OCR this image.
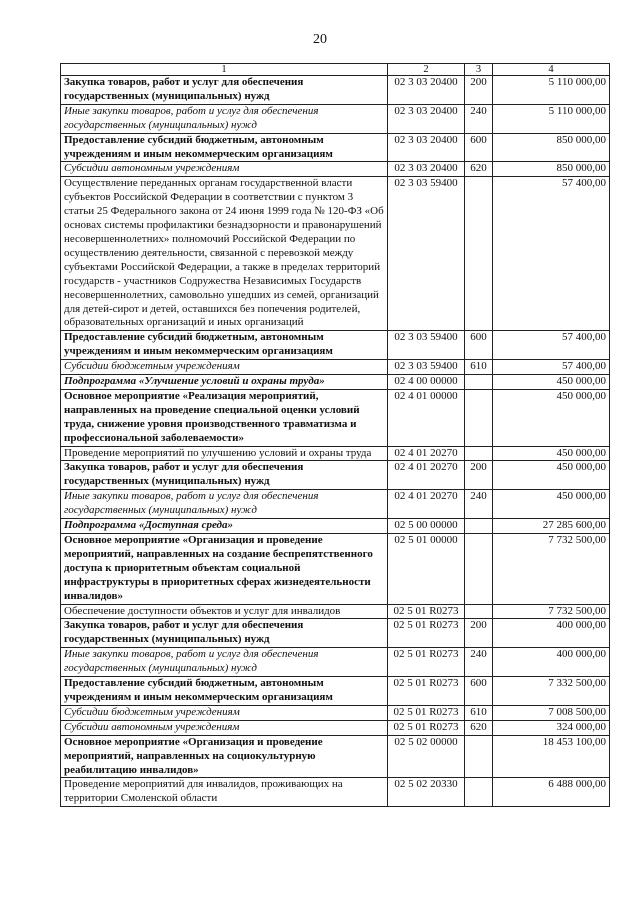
20
1	2	3	4
Закупка товаров, работ и услуг для обеспечения государственных (муниципальных) нужд	02 3 03 20400	200	5 110 000,00
Иные закупки товаров, работ и услуг для обеспечения государственных (муниципальных) нужд	02 3 03 20400	240	5 110 000,00
Предоставление субсидий бюджетным, автономным учреждениям и иным некоммерческим организациям	02 3 03 20400	600	850 000,00
Субсидии автономным учреждениям	02 3 03 20400	620	850 000,00
Осуществление переданных органам государственной власти субъектов Российской Федерации в соответствии с пунктом 3 статьи 25 Федерального закона от 24 июня 1999 года № 120-ФЗ «Об основах системы профилактики безнадзорности и правонарушений несовершеннолетних» полномочий Российской Федерации по осуществлению деятельности, связанной с перевозкой между субъектами Российской Федерации, а также в пределах территорий государств - участников Содружества Независимых Государств несовершеннолетних, самовольно ушедших из семей, организаций для детей-сирот и детей, оставшихся без попечения родителей, образовательных организаций и иных организаций	02 3 03 59400		57 400,00
Предоставление субсидий бюджетным, автономным учреждениям и иным некоммерческим организациям	02 3 03 59400	600	57 400,00
Субсидии бюджетным учреждениям	02 3 03 59400	610	57 400,00
Подпрограмма «Улучшение условий и охраны труда»	02 4 00 00000		450 000,00
Основное мероприятие «Реализация мероприятий, направленных на проведение специальной оценки условий труда, снижение уровня производственного травматизма и профессиональной заболеваемости»	02 4 01 00000		450 000,00
Проведение мероприятий по улучшению условий и охраны труда	02 4 01 20270		450 000,00
Закупка товаров, работ и услуг для обеспечения государственных (муниципальных) нужд	02 4 01 20270	200	450 000,00
Иные закупки товаров, работ и услуг для обеспечения государственных (муниципальных) нужд	02 4 01 20270	240	450 000,00
Подпрограмма «Доступная среда»	02 5 00 00000		27 285 600,00
Основное мероприятие «Организация и проведение мероприятий, направленных на создание беспрепятственного доступа к приоритетным объектам социальной инфраструктуры в приоритетных сферах жизнедеятельности инвалидов»	02 5 01 00000		7 732 500,00
Обеспечение доступности объектов и услуг для инвалидов	02 5 01 R0273		7 732 500,00
Закупка товаров, работ и услуг для обеспечения государственных (муниципальных) нужд	02 5 01 R0273	200	400 000,00
Иные закупки товаров, работ и услуг для обеспечения государственных (муниципальных) нужд	02 5 01 R0273	240	400 000,00
Предоставление субсидий бюджетным, автономным учреждениям и иным некоммерческим организациям	02 5 01 R0273	600	7 332 500,00
Субсидии бюджетным учреждениям	02 5 01 R0273	610	7 008 500,00
Субсидии автономным учреждениям	02 5 01 R0273	620	324 000,00
Основное мероприятие «Организация и проведение мероприятий, направленных на социокультурную реабилитацию инвалидов»	02 5 02 00000		18 453 100,00
Проведение мероприятий для инвалидов, проживающих на территории Смоленской области	02 5 02 20330		6 488 000,00
